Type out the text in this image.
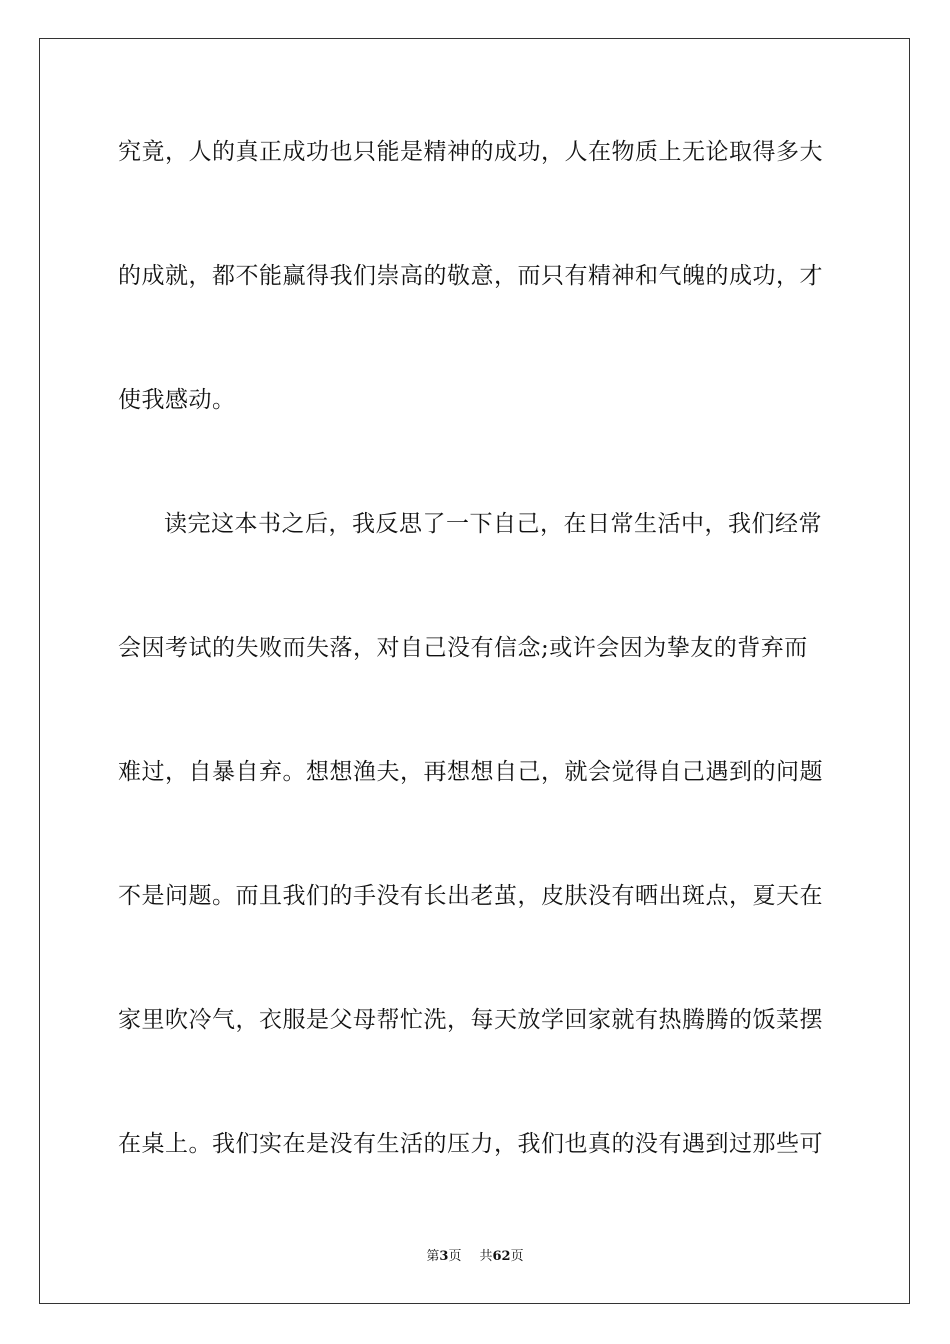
究竟，人的真正成功也只能是精神的成功，人在物质上无论取得多大
的成就，都不能赢得我们崇高的敬意，而只有精神和气魄的成功，才
使我感动。
读完这本书之后，我反思了一下自己，在日常生活中，我们经常
会因考试的失败而失落，对自己没有信念;或许会因为挚友的背弃而
难过，自暴自弃。想想渔夫，再想想自己，就会觉得自己遇到的问题
不是问题。而且我们的手没有长出老茧，皮肤没有晒出斑点，夏天在
家里吹冷气，衣服是父母帮忙洗，每天放学回家就有热腾腾的饭菜摆
在桌上。我们实在是没有生活的压力，我们也真的没有遇到过那些可
第3页 共62页
